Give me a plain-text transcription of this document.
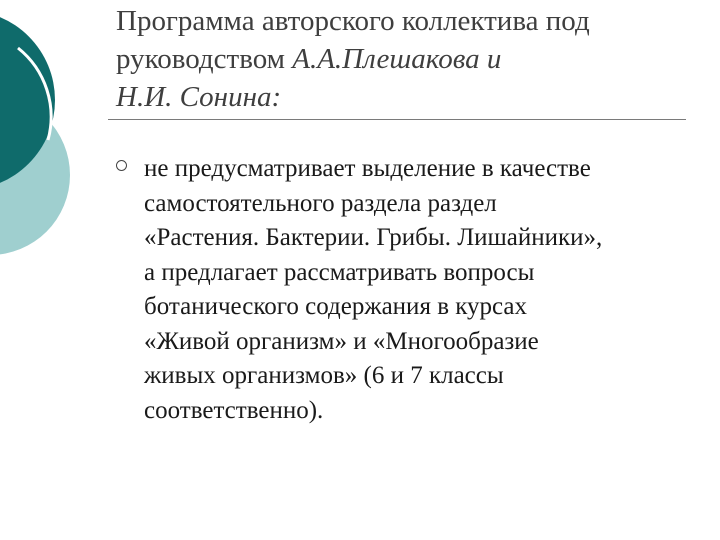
Программа авторского коллектива под
руководством А.А.Плешакова и
Н.И. Сонина:
не предусматривает выделение в качестве
самостоятельного раздела раздел
«Растения. Бактерии. Грибы. Лишайники»,
а предлагает рассматривать вопросы
ботанического содержания в курсах
«Живой организм» и «Многообразие
живых организмов» (6 и 7 классы
соответственно).
